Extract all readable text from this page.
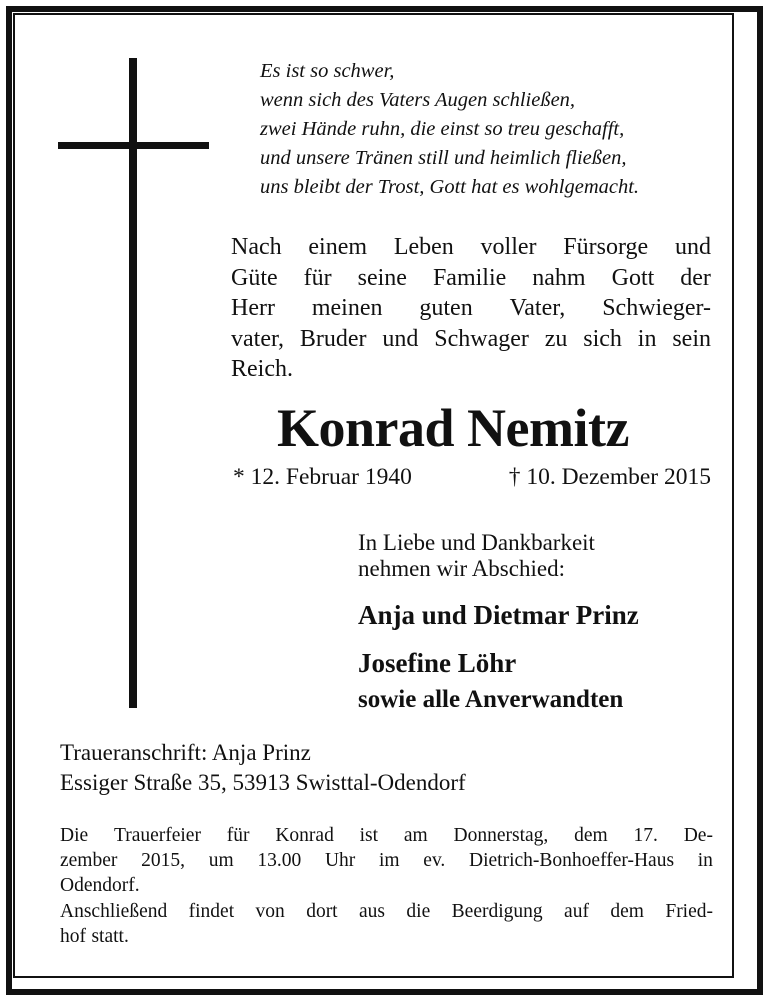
Es ist so schwer,
wenn sich des Vaters Augen schließen,
zwei Hände ruhn, die einst so treu geschafft,
und unsere Tränen still und heimlich fließen,
uns bleibt der Trost, Gott hat es wohlgemacht.
Nach einem Leben voller Fürsorge und
Güte für seine Familie nahm Gott der
Herr meinen guten Vater, Schwieger-
vater, Bruder und Schwager zu sich in sein
Reich.
Konrad Nemitz
* 12. Februar 1940	† 10. Dezember 2015
In Liebe und Dankbarkeit
nehmen wir Abschied:
Anja und Dietmar Prinz
Josefine Löhr
sowie alle Anverwandten
Traueranschrift: Anja Prinz
Essiger Straße 35, 53913 Swisttal-Odendorf
Die Trauerfeier für Konrad ist am Donnerstag, dem 17. De-
zember 2015, um 13.00 Uhr im ev. Dietrich-Bonhoeffer-Haus in
Odendorf.
Anschließend findet von dort aus die Beerdigung auf dem Fried-
hof statt.
